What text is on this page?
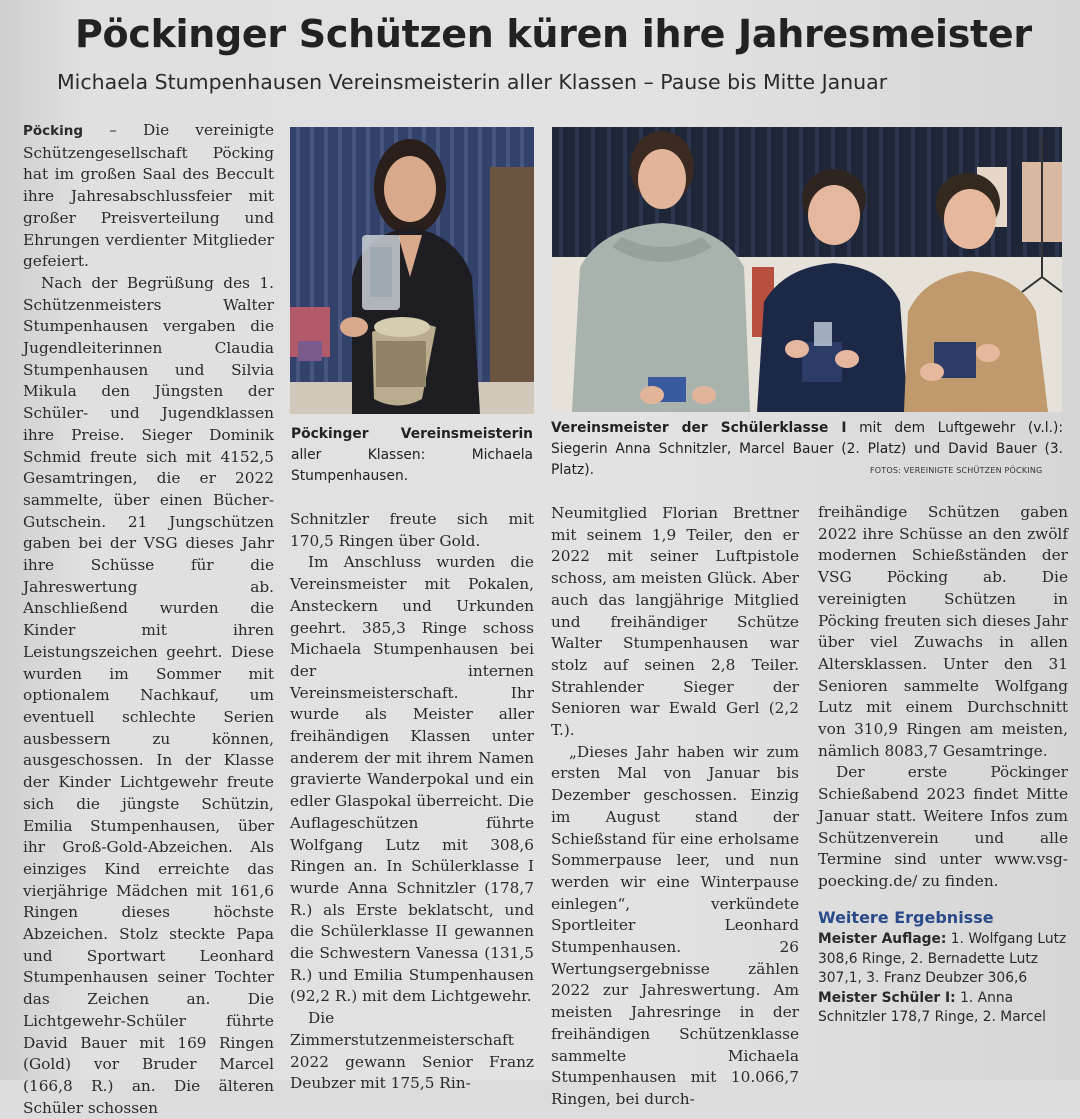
Pöckinger Schützen küren ihre Jahresmeister
Michaela Stumpenhausen Vereinsmeisterin aller Klassen – Pause bis Mitte Januar

Pöcking – Die vereinigte Schützengesellschaft Pöcking hat im großen Saal des Beccult ihre Jahresabschlussfeier mit großer Preisverteilung und Ehrungen verdienter Mitglieder gefeiert.

Nach der Begrüßung des 1. Schützenmeisters Walter Stumpenhausen vergaben die Jugendleiterinnen Claudia Stumpenhausen und Silvia Mikula den Jüngsten der Schüler- und Jugendklassen ihre Preise. Sieger Dominik Schmid freute sich mit 4152,5 Gesamtringen, die er 2022 sammelte, über einen Bücher-Gutschein. 21 Jungschützen gaben bei der VSG dieses Jahr ihre Schüsse für die Jahreswertung ab. Anschließend wurden die Kinder mit ihren Leistungszeichen geehrt. Diese wurden im Sommer mit optionalem Nachkauf, um eventuell schlechte Serien ausbessern zu können, ausgeschossen. In der Klasse der Kinder Lichtgewehr freute sich die jüngste Schützin, Emilia Stumpenhausen, über ihr Groß-Gold-Abzeichen. Als einziges Kind erreichte das vierjährige Mädchen mit 161,6 Ringen dieses höchste Abzeichen. Stolz steckte Papa und Sportwart Leonhard Stumpenhausen seiner Tochter das Zeichen an. Die Lichtgewehr-Schüler führte David Bauer mit 169 Ringen (Gold) vor Bruder Marcel (166,8 R.) an. Die älteren Schüler schossen

Pöckinger Vereinsmeisterin aller Klassen: Michaela Stumpenhausen.
Vereinsmeister der Schülerklasse I mit dem Luftgewehr (v.l.): Siegerin Anna Schnitzler, Marcel Bauer (2. Platz) und David Bauer (3. Platz).	FOTOS: VEREINIGTE SCHÜTZEN PÖCKING

Schnitzler freute sich mit 170,5 Ringen über Gold.

Im Anschluss wurden die Vereinsmeister mit Pokalen, Ansteckern und Urkunden geehrt. 385,3 Ringe schoss Michaela Stumpenhausen bei der internen Vereinsmeisterschaft. Ihr wurde als Meister aller freihändigen Klassen unter anderem der mit ihrem Namen gravierte Wanderpokal und ein edler Glaspokal überreicht. Die Auflageschützen führte Wolfgang Lutz mit 308,6 Ringen an. In Schülerklasse I wurde Anna Schnitzler (178,7 R.) als Erste beklatscht, und die Schülerklasse II gewannen die Schwestern Vanessa (131,5 R.) und Emilia Stumpenhausen (92,2 R.) mit dem Lichtgewehr.

Die Zimmerstutzenmeisterschaft 2022 gewann Senior Franz Deubzer mit 175,5 Rin-

Neumitglied Florian Brettner mit seinem 1,9 Teiler, den er 2022 mit seiner Luftpistole schoss, am meisten Glück. Aber auch das langjährige Mitglied und freihändiger Schütze Walter Stumpenhausen war stolz auf seinen 2,8 Teiler. Strahlender Sieger der Senioren war Ewald Gerl (2,2 T.).

„Dieses Jahr haben wir zum ersten Mal von Januar bis Dezember geschossen. Einzig im August stand der Schießstand für eine erholsame Sommerpause leer, und nun werden wir eine Winterpause einlegen“, verkündete Sportleiter Leonhard Stumpenhausen. 26 Wertungsergebnisse zählen 2022 zur Jahreswertung. Am meisten Jahresringe in der freihändigen Schützenklasse sammelte Michaela Stumpenhausen mit 10.066,7 Ringen, bei durch-

freihändige Schützen gaben 2022 ihre Schüsse an den zwölf modernen Schießständen der VSG Pöcking ab. Die vereinigten Schützen in Pöcking freuten sich dieses Jahr über viel Zuwachs in allen Altersklassen. Unter den 31 Senioren sammelte Wolfgang Lutz mit einem Durchschnitt von 310,9 Ringen am meisten, nämlich 8083,7 Gesamtringe.

Der erste Pöckinger Schießabend 2023 findet Mitte Januar statt. Weitere Infos zum Schützenverein und alle Termine sind unter www.vsg-poecking.de/ zu finden.

Weitere Ergebnisse
Meister Auflage: 1. Wolfgang Lutz 308,6 Ringe, 2. Bernadette Lutz 307,1, 3. Franz Deubzer 306,6
Meister Schüler I: 1. Anna Schnitzler 178,7 Ringe, 2. Marcel
